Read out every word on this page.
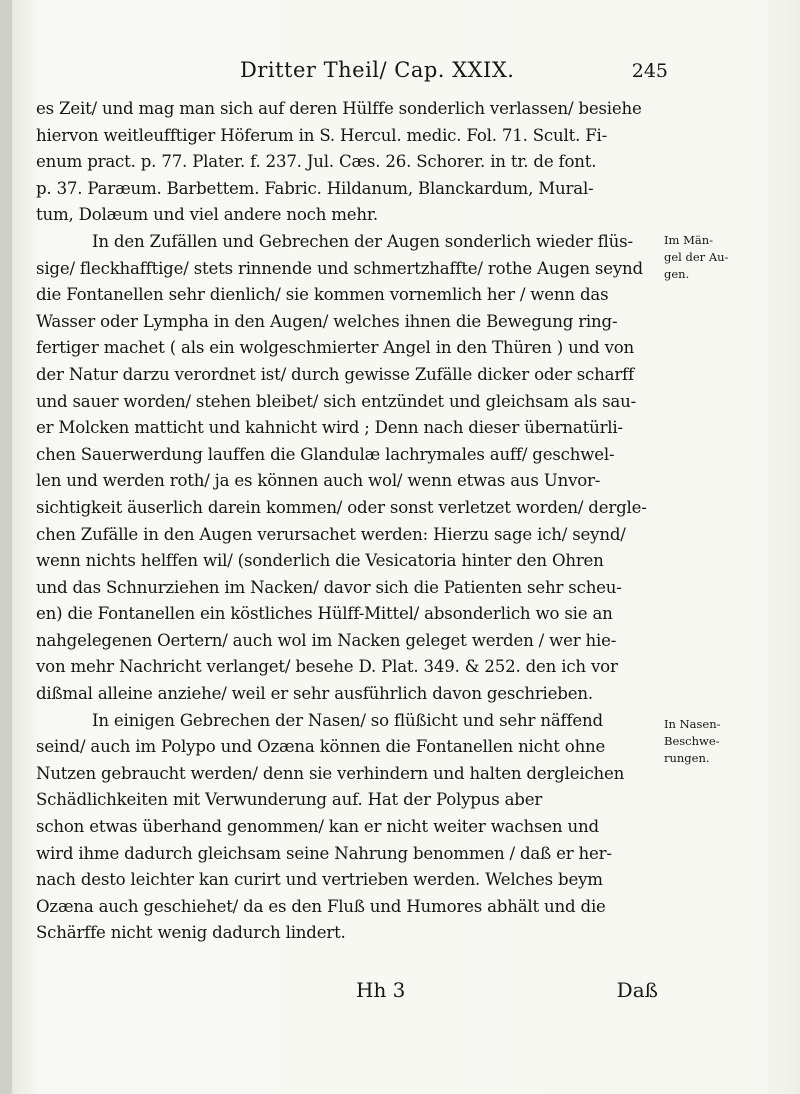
Dritter Theil/ Cap. XXIX.	245
es Zeit/ und mag man sich auf deren Hülffe sonderlich verlassen/ besiehe
hiervon weitleufftiger Höferum in S. Hercul. medic. Fol. 71. Scult. Fi-
enum pract. p. 77. Plater. f. 237. Jul. Cæs. 26. Schorer. in tr. de font.
p. 37. Paræum. Barbettem. Fabric. Hildanum, Blanckardum, Mural-
tum, Dolæum und viel andere noch mehr.
In den Zufällen und Gebrechen der Augen sonderlich wieder flüs-
sige/ fleckhafftige/ stets rinnende und schmertzhaffte/ rothe Augen seynd
die Fontanellen sehr dienlich/ sie kommen vornemlich her / wenn das
Wasser oder Lympha in den Augen/ welches ihnen die Bewegung ring-
fertiger machet ( als ein wolgeschmierter Angel in den Thüren ) und von
der Natur darzu verordnet ist/ durch gewisse Zufälle dicker oder scharff
und sauer worden/ stehen bleibet/ sich entzündet und gleichsam als sau-
er Molcken matticht und kahnicht wird ; Denn nach dieser übernatürli-
chen Sauerwerdung lauffen die Glandulæ lachrymales auff/ geschwel-
len und werden roth/ ja es können auch wol/ wenn etwas aus Unvor-
sichtigkeit äuserlich darein kommen/ oder sonst verletzet worden/ dergle-
chen Zufälle in den Augen verursachet werden: Hierzu sage ich/ seynd/
wenn nichts helffen wil/ (sonderlich die Vesicatoria hinter den Ohren
und das Schnurziehen im Nacken/ davor sich die Patienten sehr scheu-
en) die Fontanellen ein köstliches Hülff-Mittel/ absonderlich wo sie an
nahgelegenen Oertern/ auch wol im Nacken geleget werden / wer hie-
von mehr Nachricht verlanget/ besehe D. Plat. 349. & 252. den ich vor
dißmal alleine anziehe/ weil er sehr ausführlich davon geschrieben.
In einigen Gebrechen der Nasen/ so flüßicht und sehr näffend
seind/ auch im Polypo und Ozæna können die Fontanellen nicht ohne
Nutzen gebraucht werden/ denn sie verhindern und halten dergleichen
Schädlichkeiten mit Verwunderung auf. Hat der Polypus aber
schon etwas überhand genommen/ kan er nicht weiter wachsen und
wird ihme dadurch gleichsam seine Nahrung benommen / daß er her-
nach desto leichter kan curirt und vertrieben werden. Welches beym
Ozæna auch geschiehet/ da es den Fluß und Humores abhält und die
Schärffe nicht wenig dadurch lindert.
Im Män-
gel der Au-
gen.
In Nasen-
Beschwe-
rungen.
Hh 3	Daß
